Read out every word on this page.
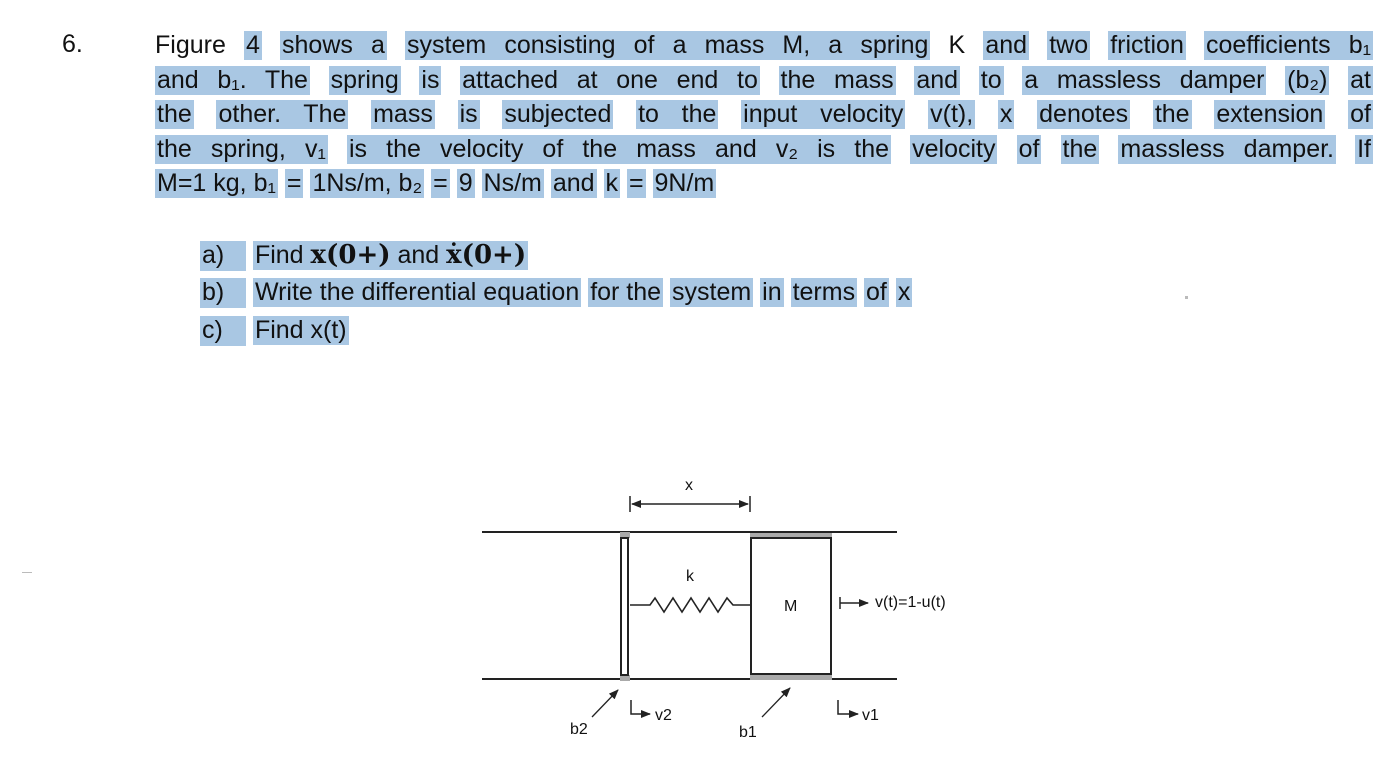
6.	Figure 4 shows a system consisting of a mass M, a spring K and two friction coefficients b₁
and b₁. The spring is attached at one end to the mass and to a massless damper (b₂) at
the other. The mass is subjected to the input velocity v(t), x denotes the extension of
the spring, v₁ is the velocity of the mass and v₂ is the velocity of the massless damper. If
M=1 kg, b₁ = 1Ns/m, b₂ = 9 Ns/m and k = 9N/m
a) Find x(0+) and ẋ(0+)
b) Write the differential equation for the system in terms of x
c) Find x(t)
x
k
M	v(t)=1-u(t)
b2	b1
v2	v1
